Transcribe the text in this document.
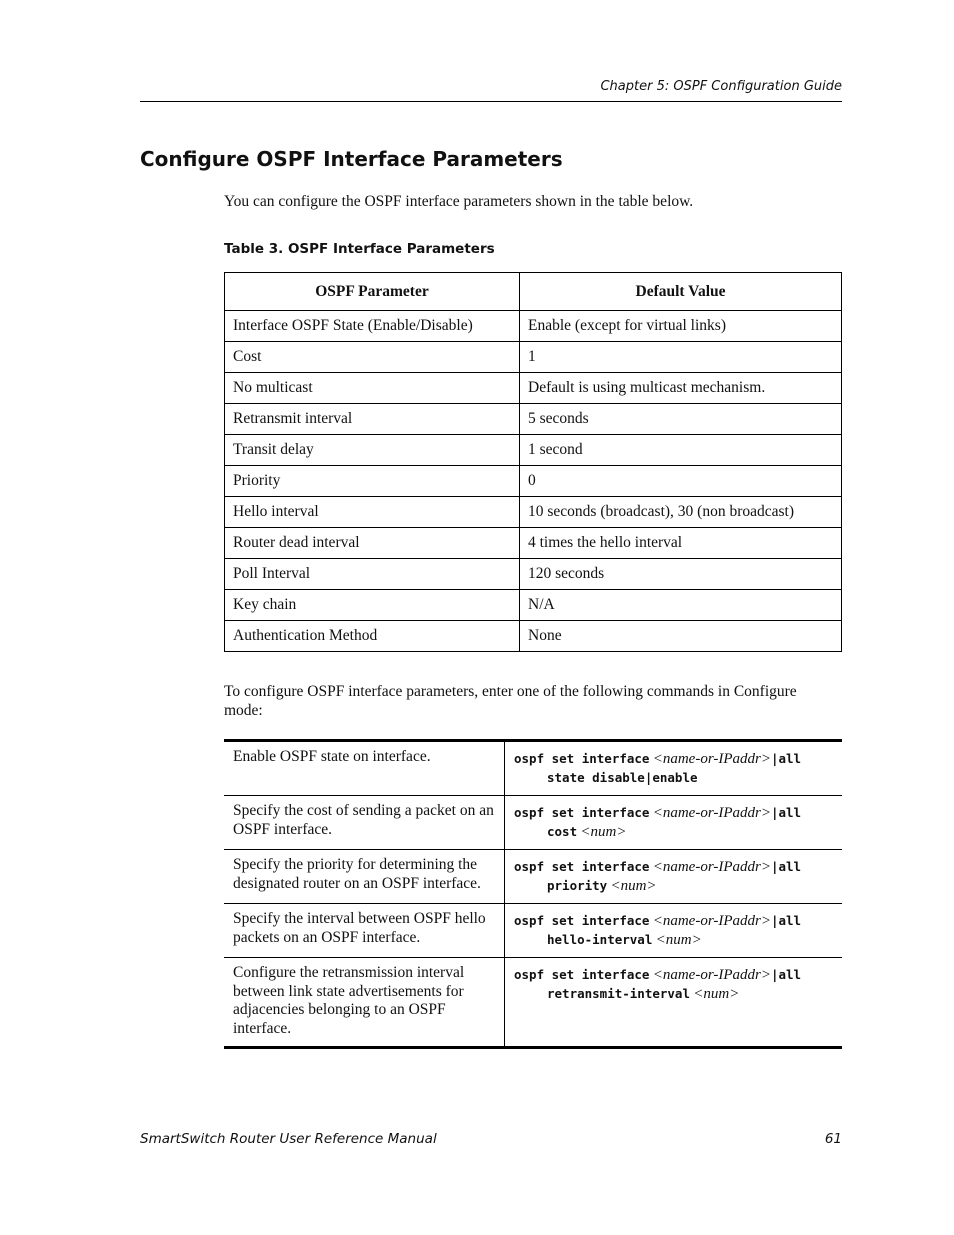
Chapter 5: OSPF Configuration Guide
Configure OSPF Interface Parameters

You can configure the OSPF interface parameters shown in the table below.

Table 3. OSPF Interface Parameters

OSPF Parameter	Default Value
Interface OSPF State (Enable/Disable)	Enable (except for virtual links)
Cost	1
No multicast	Default is using multicast mechanism.
Retransmit interval	5 seconds
Transit delay	1 second
Priority	0
Hello interval	10 seconds (broadcast), 30 (non broadcast)
Router dead interval	4 times the hello interval
Poll Interval	120 seconds
Key chain	N/A
Authentication Method	None

To configure OSPF interface parameters, enter one of the following commands in Configure mode:

Enable OSPF state on interface.	ospf set interface <name-or-IPaddr>|all
state disable|enable

Specify the cost of sending a packet on an OSPF interface.	ospf set interface <name-or-IPaddr>|all
cost <num>

Specify the priority for determining the designated router on an OSPF interface.	ospf set interface <name-or-IPaddr>|all
priority <num>

Specify the interval between OSPF hello packets on an OSPF interface.	ospf set interface <name-or-IPaddr>|all
hello-interval <num>

Configure the retransmission interval between link state advertisements for adjacencies belonging to an OSPF interface.	ospf set interface <name-or-IPaddr>|all
retransmit-interval <num>
SmartSwitch Router User Reference Manual	61
